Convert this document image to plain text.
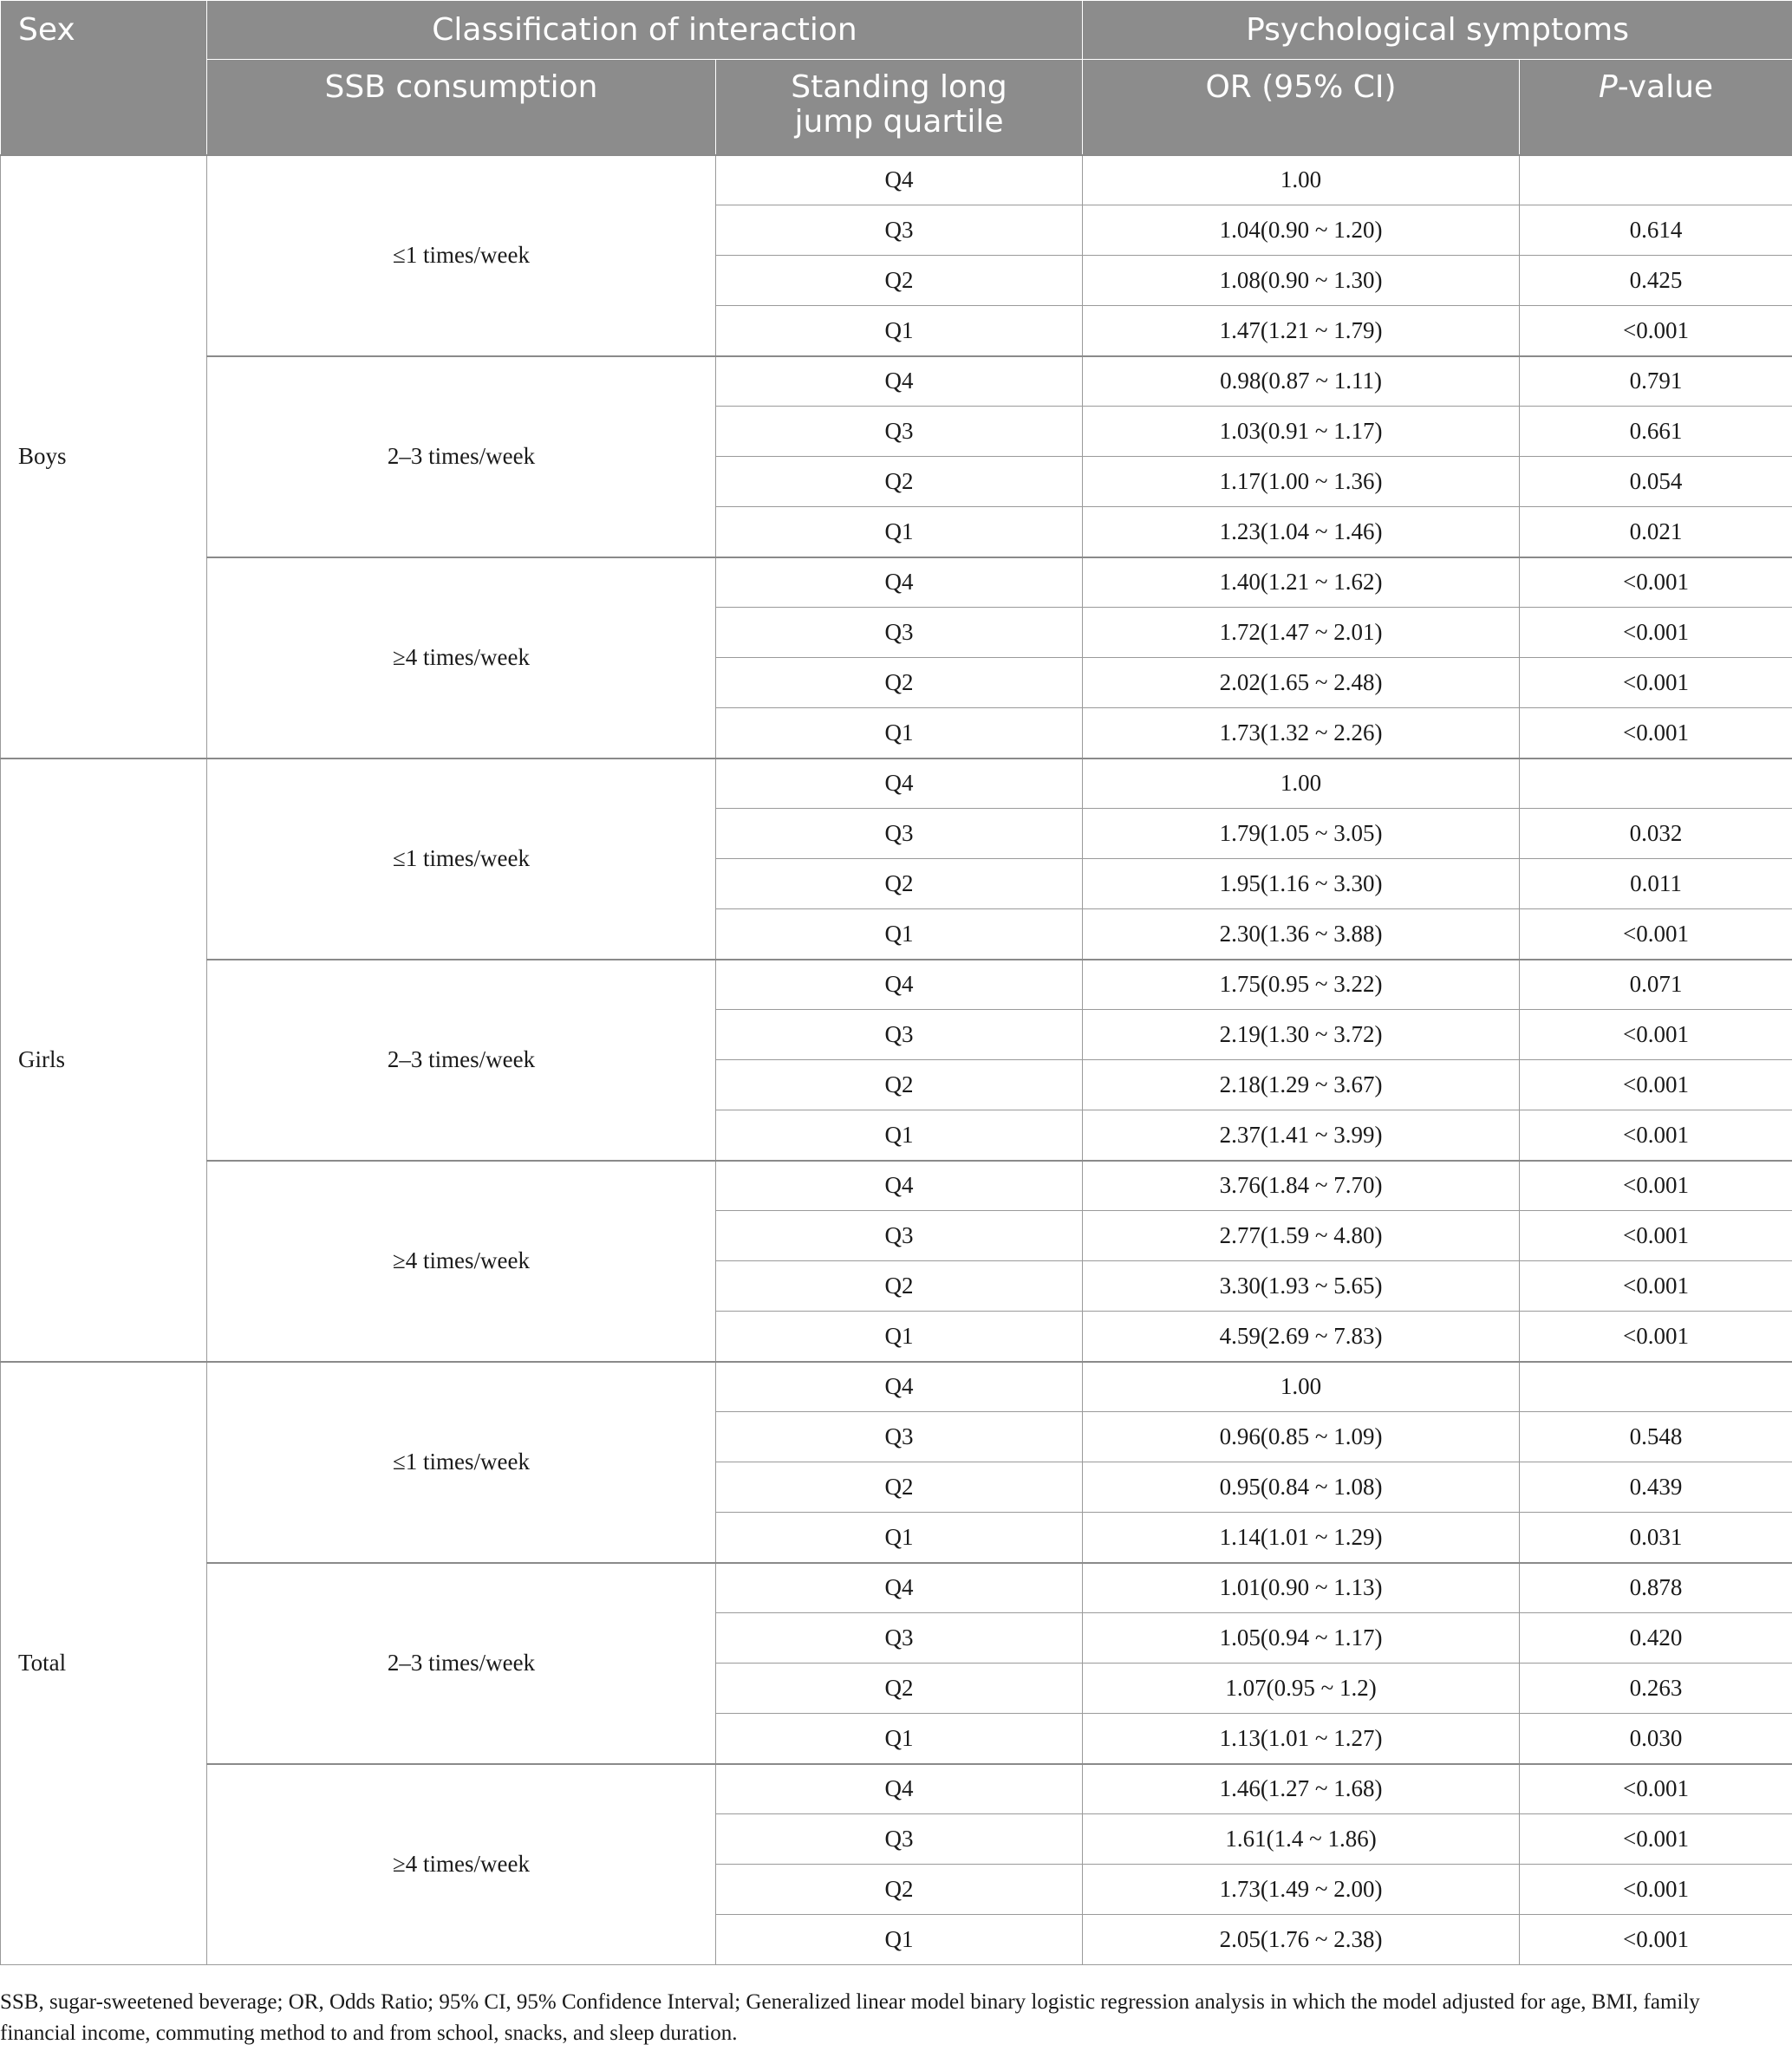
Sex	Classification of interaction		Psychological symptoms	
	SSB consumption	Standing long jump quartile	OR (95% CI)	P-value
Boys	≤1 times/week	Q4	1.00	
		Q3	1.04(0.90 ~ 1.20)	0.614
		Q2	1.08(0.90 ~ 1.30)	0.425
		Q1	1.47(1.21 ~ 1.79)	<0.001
	2–3 times/week	Q4	0.98(0.87 ~ 1.11)	0.791
		Q3	1.03(0.91 ~ 1.17)	0.661
		Q2	1.17(1.00 ~ 1.36)	0.054
		Q1	1.23(1.04 ~ 1.46)	0.021
	≥4 times/week	Q4	1.40(1.21 ~ 1.62)	<0.001
		Q3	1.72(1.47 ~ 2.01)	<0.001
		Q2	2.02(1.65 ~ 2.48)	<0.001
		Q1	1.73(1.32 ~ 2.26)	<0.001
Girls	≤1 times/week	Q4	1.00	
		Q3	1.79(1.05 ~ 3.05)	0.032
		Q2	1.95(1.16 ~ 3.30)	0.011
		Q1	2.30(1.36 ~ 3.88)	<0.001
	2–3 times/week	Q4	1.75(0.95 ~ 3.22)	0.071
		Q3	2.19(1.30 ~ 3.72)	<0.001
		Q2	2.18(1.29 ~ 3.67)	<0.001
		Q1	2.37(1.41 ~ 3.99)	<0.001
	≥4 times/week	Q4	3.76(1.84 ~ 7.70)	<0.001
		Q3	2.77(1.59 ~ 4.80)	<0.001
		Q2	3.30(1.93 ~ 5.65)	<0.001
		Q1	4.59(2.69 ~ 7.83)	<0.001
Total	≤1 times/week	Q4	1.00	
		Q3	0.96(0.85 ~ 1.09)	0.548
		Q2	0.95(0.84 ~ 1.08)	0.439
		Q1	1.14(1.01 ~ 1.29)	0.031
	2–3 times/week	Q4	1.01(0.90 ~ 1.13)	0.878
		Q3	1.05(0.94 ~ 1.17)	0.420
		Q2	1.07(0.95 ~ 1.2)	0.263
		Q1	1.13(1.01 ~ 1.27)	0.030
	≥4 times/week	Q4	1.46(1.27 ~ 1.68)	<0.001
		Q3	1.61(1.4 ~ 1.86)	<0.001
		Q2	1.73(1.49 ~ 2.00)	<0.001
		Q1	2.05(1.76 ~ 2.38)	<0.001
SSB, sugar-sweetened beverage; OR, Odds Ratio; 95% CI, 95% Confidence Interval; Generalized linear model binary logistic regression analysis in which the model adjusted for age, BMI, family financial income, commuting method to and from school, snacks, and sleep duration.
